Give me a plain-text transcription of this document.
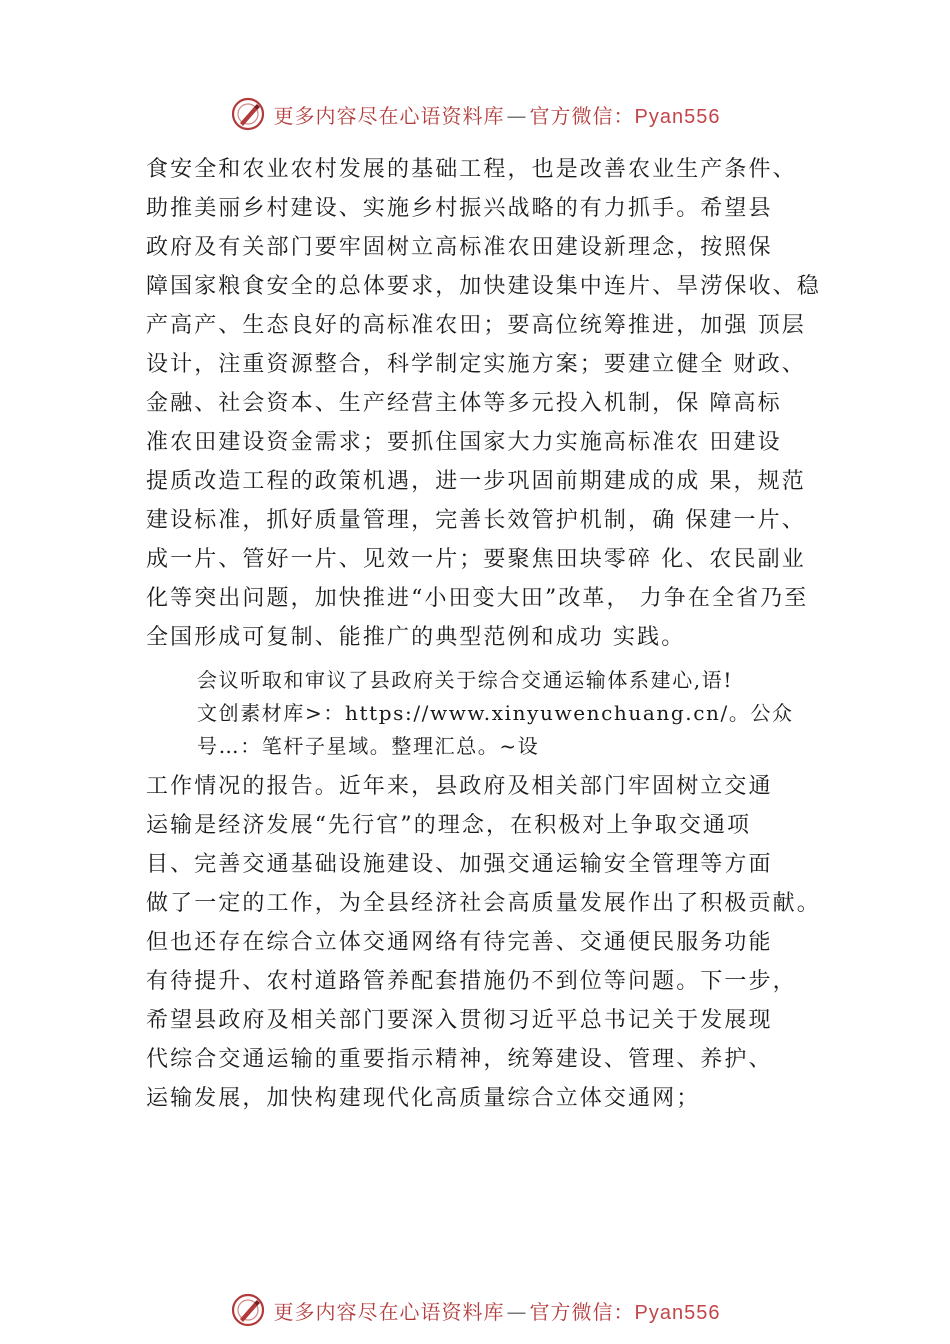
更多内容尽在心语资料库 — 官方微信：Pyan556
食安全和农业农村发展的基础工程，也是改善农业生产条件、
助推美丽乡村建设、实施乡村振兴战略的有力抓手。希望县
政府及有关部门要牢固树立高标准农田建设新理念，按照保
障国家粮食安全的总体要求，加快建设集中连片、旱涝保收、稳
产高产、生态良好的高标准农田；要高位统筹推进，加强 顶层
设计，注重资源整合，科学制定实施方案；要建立健全 财政、
金融、社会资本、生产经营主体等多元投入机制，保 障高标
准农田建设资金需求；要抓住国家大力实施高标准农 田建设
提质改造工程的政策机遇，进一步巩固前期建成的成 果，规范
建设标准，抓好质量管理，完善长效管护机制，确 保建一片、
成一片、管好一片、见效一片；要聚焦田块零碎 化、农民副业
化等突出问题，加快推进“小田变大田”改革， 力争在全省乃至
全国形成可复制、能推广的典型范例和成功 实践。
会议听取和审议了县政府关于综合交通运输体系建心,语!
文创素材库>：https://www.xinyuwenchuang.cn/。公众
号…：笔杆子星域。整理汇总。~设
工作情况的报告。近年来，县政府及相关部门牢固树立交通
运输是经济发展“先行官”的理念，在积极对上争取交通项
目、完善交通基础设施建设、加强交通运输安全管理等方面
做了一定的工作，为全县经济社会高质量发展作出了积极贡献。
但也还存在综合立体交通网络有待完善、交通便民服务功能
有待提升、农村道路管养配套措施仍不到位等问题。下一步，
希望县政府及相关部门要深入贯彻习近平总书记关于发展现
代综合交通运输的重要指示精神，统筹建设、管理、养护、
运输发展，加快构建现代化高质量综合立体交通网；
更多内容尽在心语资料库 — 官方微信：Pyan556
